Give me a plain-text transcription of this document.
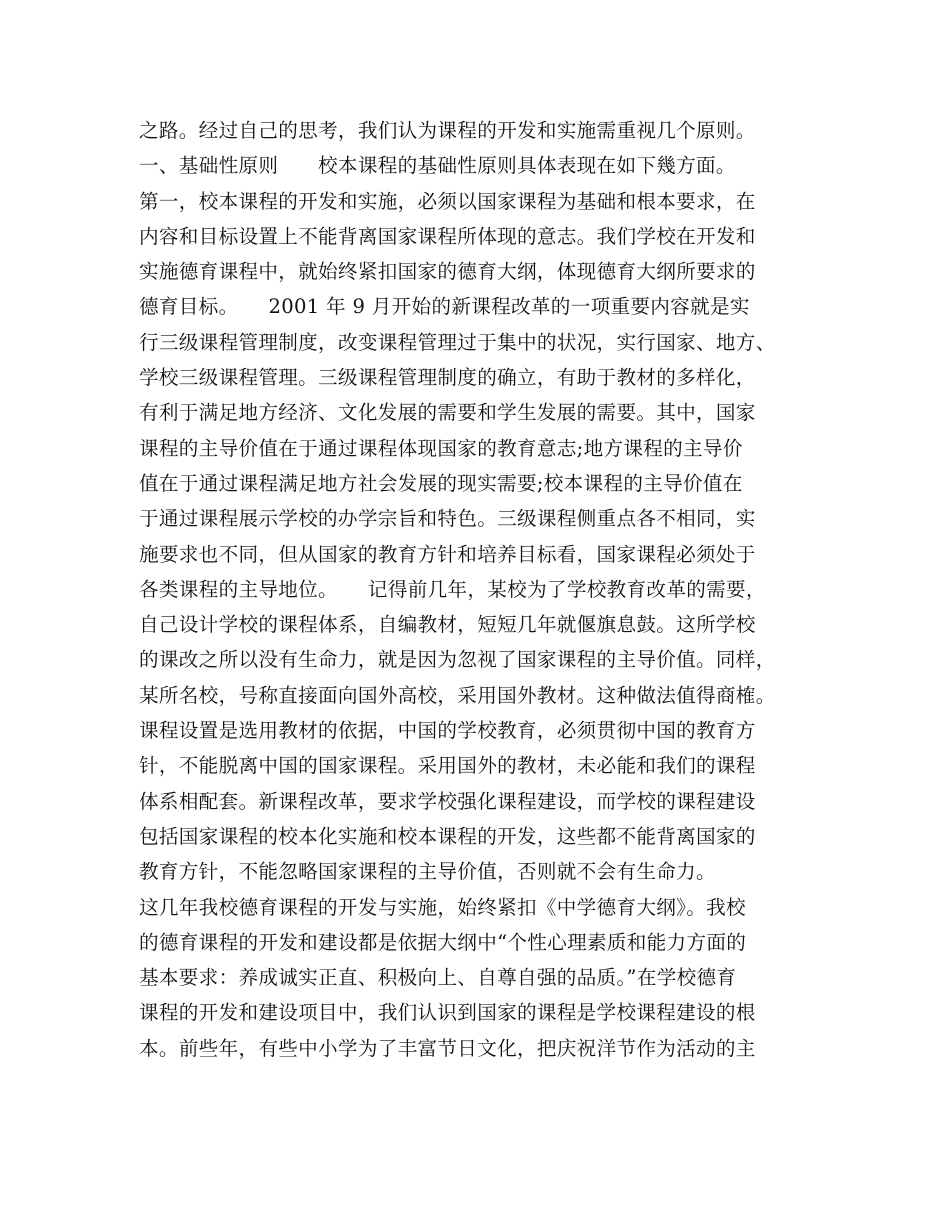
之路。经过自己的思考，我们认为课程的开发和实施需重视几个原则。
一、基础性原则　　校本课程的基础性原则具体表现在如下幾方面。
第一，校本课程的开发和实施，必须以国家课程为基础和根本要求，在
内容和目标设置上不能背离国家课程所体现的意志。我们学校在开发和
实施德育课程中，就始终紧扣国家的德育大纲，体现德育大纲所要求的
德育目标。　　2001 年 9 月开始的新课程改革的一项重要内容就是实
行三级课程管理制度，改变课程管理过于集中的状况，实行国家、地方、
学校三级课程管理。三级课程管理制度的确立，有助于教材的多样化，
有利于满足地方经济、文化发展的需要和学生发展的需要。其中，国家
课程的主导价值在于通过课程体现国家的教育意志;地方课程的主导价
值在于通过课程满足地方社会发展的现实需要;校本课程的主导价值在
于通过课程展示学校的办学宗旨和特色。三级课程侧重点各不相同，实
施要求也不同，但从国家的教育方针和培养目标看，国家课程必须处于
各类课程的主导地位。　　记得前几年，某校为了学校教育改革的需要，
自己设计学校的课程体系，自编教材，短短几年就偃旗息鼓。这所学校
的课改之所以没有生命力，就是因为忽视了国家课程的主导价值。同样，
某所名校，号称直接面向国外高校，采用国外教材。这种做法值得商榷。
课程设置是选用教材的依据，中国的学校教育，必须贯彻中国的教育方
针，不能脱离中国的国家课程。采用国外的教材，未必能和我们的课程
体系相配套。新课程改革，要求学校强化课程建设，而学校的课程建设
包括国家课程的校本化实施和校本课程的开发，这些都不能背离国家的
教育方针，不能忽略国家课程的主导价值，否则就不会有生命力。
这几年我校德育课程的开发与实施，始终紧扣《中学德育大纲》。我校
的德育课程的开发和建设都是依据大纲中“个性心理素质和能力方面的
基本要求：养成诚实正直、积极向上、自尊自强的品质。”在学校德育
课程的开发和建设项目中，我们认识到国家的课程是学校课程建设的根
本。前些年，有些中小学为了丰富节日文化，把庆祝洋节作为活动的主
